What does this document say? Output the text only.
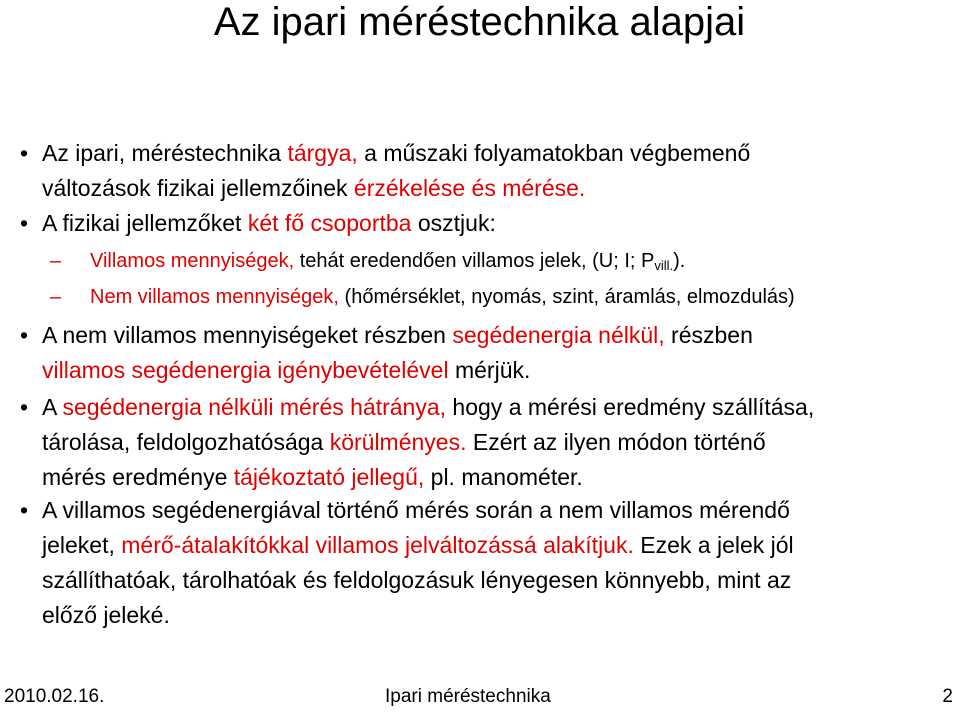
Az ipari méréstechnika alapjai
• Az ipari, méréstechnika tárgya, a műszaki folyamatokban végbemenő
változások fizikai jellemzőinek érzékelése és mérése.
• A fizikai jellemzőket két fő csoportba osztjuk:
– Villamos mennyiségek, tehát eredendően villamos jelek, (U; I; $P_{vill.}$).
– Nem villamos mennyiségek, (hőmérséklet, nyomás, szint, áramlás, elmozdulás)
• A nem villamos mennyiségeket részben segédenergia nélkül, részben
villamos segédenergia igénybevételével mérjük.
• A segédenergia nélküli mérés hátránya, hogy a mérési eredmény szállítása,
tárolása, feldolgozhatósága körülményes. Ezért az ilyen módon történő
mérés eredménye tájékoztató jellegű, pl. manométer.
• A villamos segédenergiával történő mérés során a nem villamos mérendő
jeleket, mérő-átalakítókkal villamos jelváltozássá alakítjuk. Ezek a jelek jól
szállíthatóak, tárolhatóak és feldolgozásuk lényegesen könnyebb, mint az
előző jeleké.
2010.02.16.	Ipari méréstechnika	2
